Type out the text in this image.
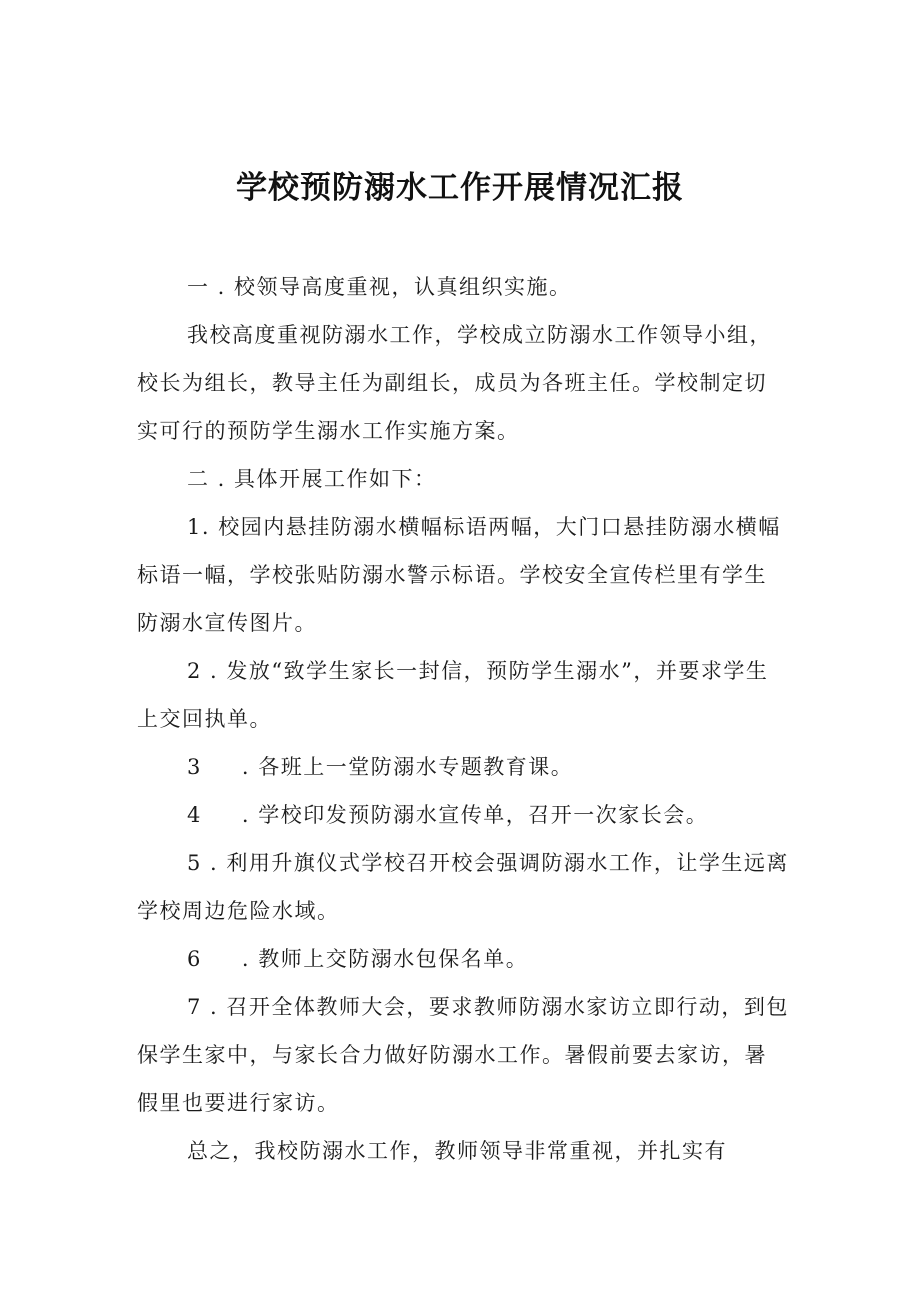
学校预防溺水工作开展情况汇报
一 . 校领导高度重视，认真组织实施。
我校高度重视防溺水工作，学校成立防溺水工作领导小组，
校长为组长，教导主任为副组长，成员为各班主任。学校制定切
实可行的预防学生溺水工作实施方案。
二 . 具体开展工作如下：
1. 校园内悬挂防溺水横幅标语两幅，大门口悬挂防溺水横幅
标语一幅，学校张贴防溺水警示标语。学校安全宣传栏里有学生
防溺水宣传图片。
2 . 发放“致学生家长一封信，预防学生溺水”，并要求学生
上交回执单。
3 . 各班上一堂防溺水专题教育课。
4 . 学校印发预防溺水宣传单，召开一次家长会。
5 . 利用升旗仪式学校召开校会强调防溺水工作，让学生远离
学校周边危险水域。
6 . 教师上交防溺水包保名单。
7 . 召开全体教师大会，要求教师防溺水家访立即行动，到包
保学生家中，与家长合力做好防溺水工作。暑假前要去家访，暑
假里也要进行家访。
总之，我校防溺水工作，教师领导非常重视，并扎实有
